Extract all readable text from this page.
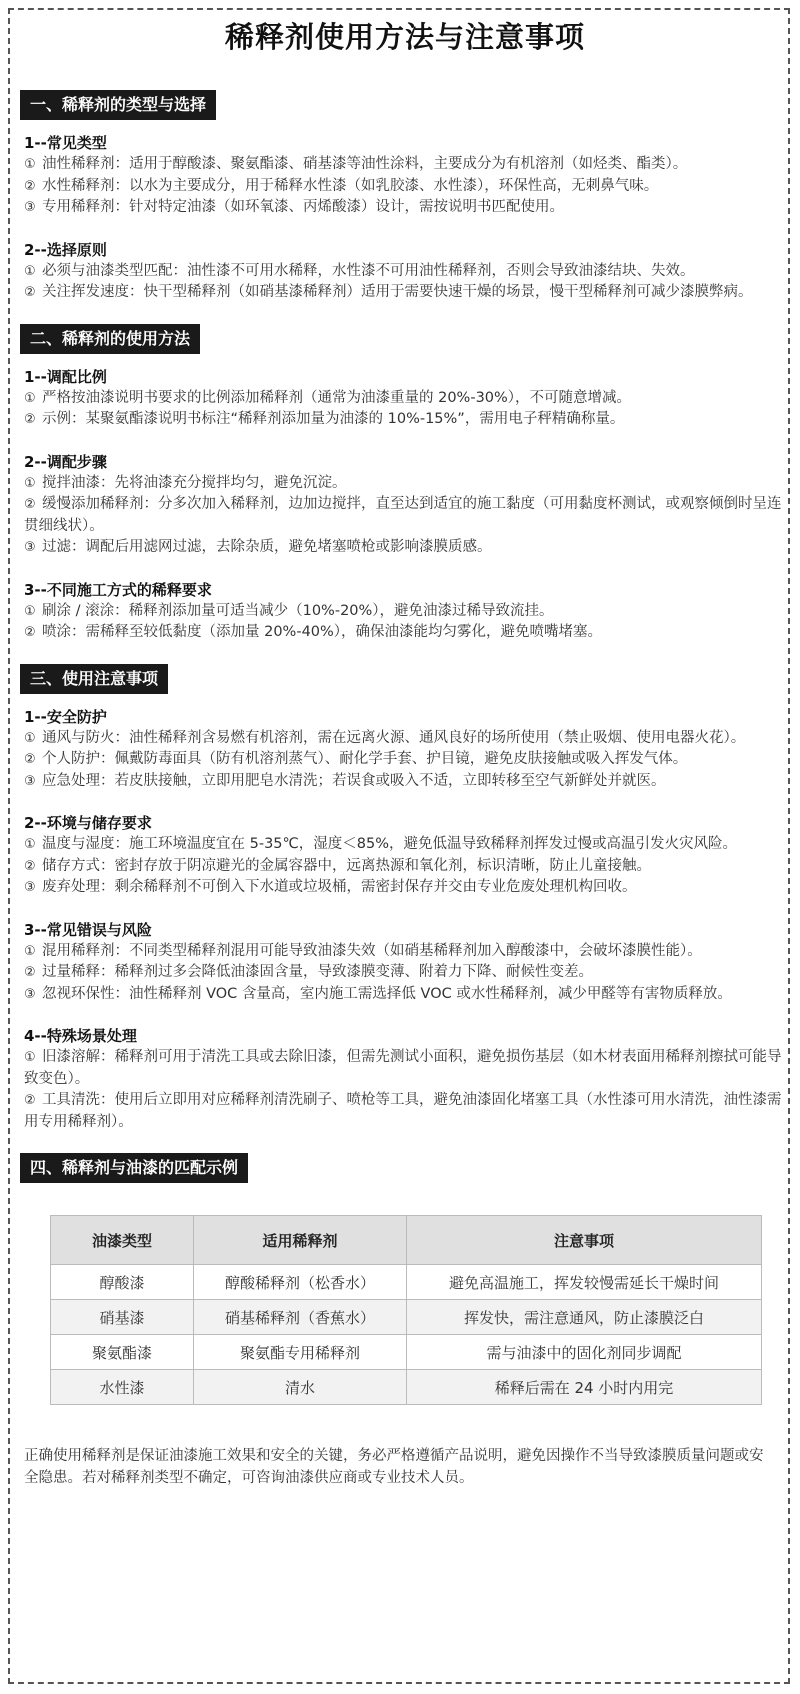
稀释剂使用方法与注意事项
一、稀释剂的类型与选择
1--常见类型
① 油性稀释剂：适用于醇酸漆、聚氨酯漆、硝基漆等油性涂料，主要成分为有机溶剂（如烃类、酯类）。
② 水性稀释剂：以水为主要成分，用于稀释水性漆（如乳胶漆、水性漆），环保性高，无刺鼻气味。
③ 专用稀释剂：针对特定油漆（如环氧漆、丙烯酸漆）设计，需按说明书匹配使用。
2--选择原则
① 必须与油漆类型匹配：油性漆不可用水稀释，水性漆不可用油性稀释剂，否则会导致油漆结块、失效。
② 关注挥发速度：快干型稀释剂（如硝基漆稀释剂）适用于需要快速干燥的场景，慢干型稀释剂可减少漆膜弊病。
二、稀释剂的使用方法
1--调配比例
① 严格按油漆说明书要求的比例添加稀释剂（通常为油漆重量的 20%-30%），不可随意增减。
② 示例：某聚氨酯漆说明书标注“稀释剂添加量为油漆的 10%-15%”，需用电子秤精确称量。
2--调配步骤
① 搅拌油漆：先将油漆充分搅拌均匀，避免沉淀。
② 缓慢添加稀释剂：分多次加入稀释剂，边加边搅拌，直至达到适宜的施工黏度（可用黏度杯测试，或观察倾倒时呈连贯细线状）。
③ 过滤：调配后用滤网过滤，去除杂质，避免堵塞喷枪或影响漆膜质感。
3--不同施工方式的稀释要求
① 刷涂 / 滚涂：稀释剂添加量可适当减少（10%-20%），避免油漆过稀导致流挂。
② 喷涂：需稀释至较低黏度（添加量 20%-40%），确保油漆能均匀雾化，避免喷嘴堵塞。
三、使用注意事项
1--安全防护
① 通风与防火：油性稀释剂含易燃有机溶剂，需在远离火源、通风良好的场所使用（禁止吸烟、使用电器火花）。
② 个人防护：佩戴防毒面具（防有机溶剂蒸气）、耐化学手套、护目镜，避免皮肤接触或吸入挥发气体。
③ 应急处理：若皮肤接触，立即用肥皂水清洗；若误食或吸入不适，立即转移至空气新鲜处并就医。
2--环境与储存要求
① 温度与湿度：施工环境温度宜在 5-35℃，湿度＜85%，避免低温导致稀释剂挥发过慢或高温引发火灾风险。
② 储存方式：密封存放于阴凉避光的金属容器中，远离热源和氧化剂，标识清晰，防止儿童接触。
③ 废弃处理：剩余稀释剂不可倒入下水道或垃圾桶，需密封保存并交由专业危废处理机构回收。
3--常见错误与风险
① 混用稀释剂：不同类型稀释剂混用可能导致油漆失效（如硝基稀释剂加入醇酸漆中，会破坏漆膜性能）。
② 过量稀释：稀释剂过多会降低油漆固含量，导致漆膜变薄、附着力下降、耐候性变差。
③ 忽视环保性：油性稀释剂 VOC 含量高，室内施工需选择低 VOC 或水性稀释剂，减少甲醛等有害物质释放。
4--特殊场景处理
① 旧漆溶解：稀释剂可用于清洗工具或去除旧漆，但需先测试小面积，避免损伤基层（如木材表面用稀释剂擦拭可能导致变色）。
② 工具清洗：使用后立即用对应稀释剂清洗刷子、喷枪等工具，避免油漆固化堵塞工具（水性漆可用水清洗，油性漆需用专用稀释剂）。
四、稀释剂与油漆的匹配示例
油漆类型	适用稀释剂	注意事项
醇酸漆	醇酸稀释剂（松香水）	避免高温施工，挥发较慢需延长干燥时间
硝基漆	硝基稀释剂（香蕉水）	挥发快，需注意通风，防止漆膜泛白
聚氨酯漆	聚氨酯专用稀释剂	需与油漆中的固化剂同步调配
水性漆	清水	稀释后需在 24 小时内用完
正确使用稀释剂是保证油漆施工效果和安全的关键，务必严格遵循产品说明，避免因操作不当导致漆膜质量问题或安全隐患。若对稀释剂类型不确定，可咨询油漆供应商或专业技术人员。
